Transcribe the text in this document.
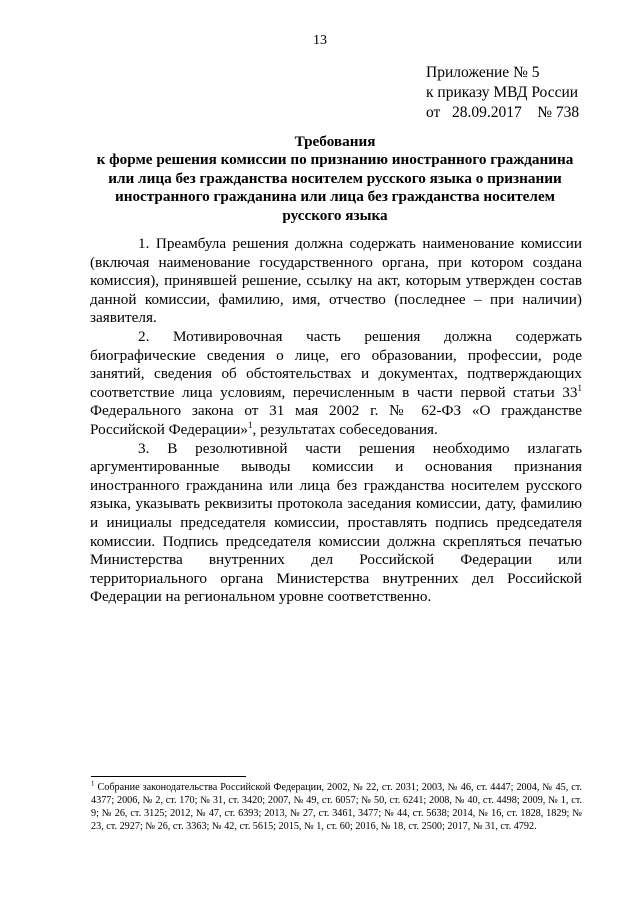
13
Приложение № 5
к приказу МВД России
от   28.09.2017    № 738
Требования
к форме решения комиссии по признанию иностранного гражданина или лица без гражданства носителем русского языка о признании иностранного гражданина или лица без гражданства носителем русского языка

1. Преамбула решения должна содержать наименование комиссии (включая наименование государственного органа, при котором создана комиссия), принявшей решение, ссылку на акт, которым утвержден состав данной комиссии, фамилию, имя, отчество (последнее – при наличии) заявителя.

2. Мотивировочная часть решения должна содержать биографические сведения о лице, его образовании, профессии, роде занятий, сведения об обстоятельствах и документах, подтверждающих соответствие лица условиям, перечисленным в части первой статьи $33^1$ Федерального закона от 31 мая 2002 г. № 62-ФЗ «О гражданстве Российской Федерации»$^1$, результатах собеседования.

3. В резолютивной части решения необходимо излагать аргументированные выводы комиссии и основания признания иностранного гражданина или лица без гражданства носителем русского языка, указывать реквизиты протокола заседания комиссии, дату, фамилию и инициалы председателя комиссии, проставлять подпись председателя комиссии. Подпись председателя комиссии должна скрепляться печатью Министерства внутренних дел Российской Федерации или территориального органа Министерства внутренних дел Российской Федерации на региональном уровне соответственно.

$^1$ Собрание законодательства Российской Федерации, 2002, № 22, ст. 2031; 2003, № 46, ст. 4447; 2004, № 45, ст. 4377; 2006, № 2, ст. 170; № 31, ст. 3420; 2007, № 49, ст. 6057; № 50, ст. 6241; 2008, № 40, ст. 4498; 2009, № 1, ст. 9; № 26, ст. 3125; 2012, № 47, ст. 6393; 2013, № 27, ст. 3461, 3477; № 44, ст. 5638; 2014, № 16, ст. 1828, 1829; № 23, ст. 2927; № 26, ст. 3363; № 42, ст. 5615; 2015, № 1, ст. 60; 2016, № 18, ст. 2500; 2017, № 31, ст. 4792.
